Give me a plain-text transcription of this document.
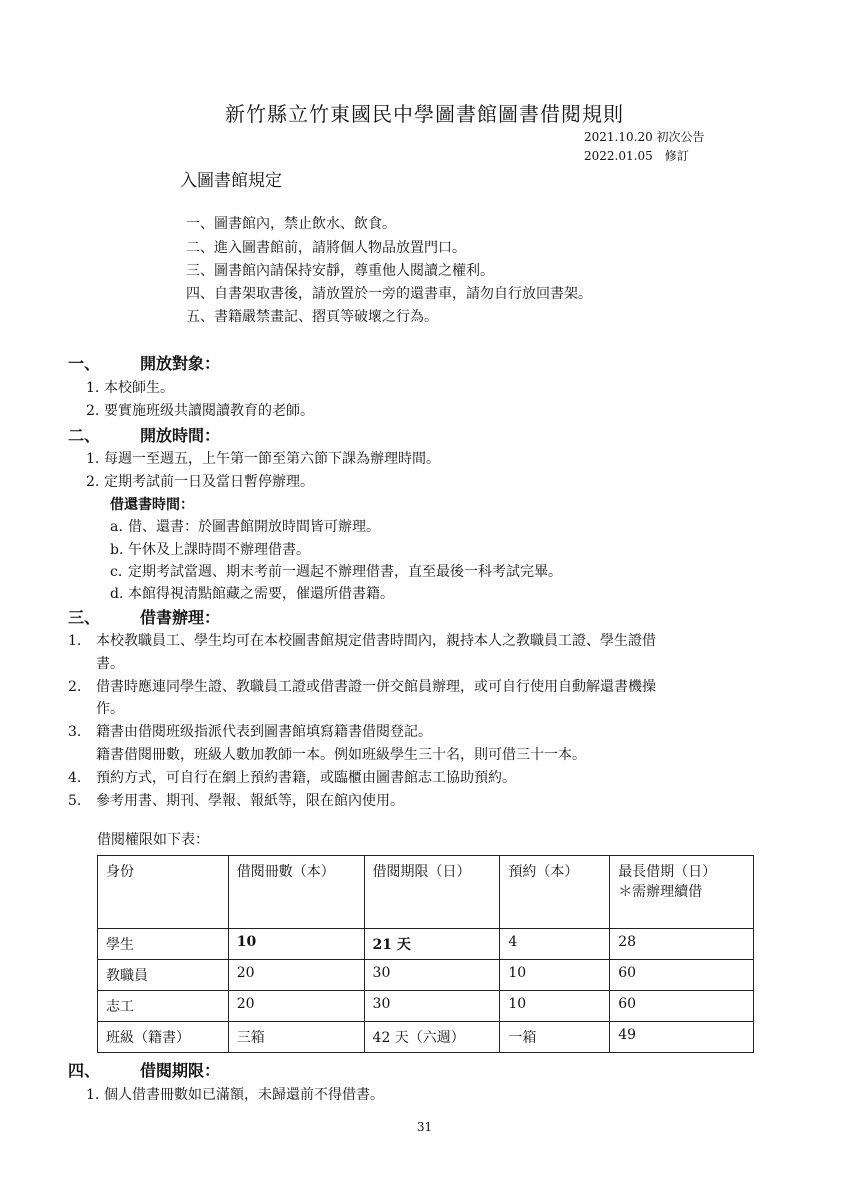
新竹縣立竹東國民中學圖書館圖書借閱規則
2021.10.20 初次公告
2022.01.05　修訂
入圖書館規定
一、圖書館內，禁止飲水、飲食。
二、進入圖書館前，請將個人物品放置門口。
三、圖書館內請保持安靜，尊重他人閱讀之權利。
四、自書架取書後，請放置於一旁的還書車，請勿自行放回書架。
五、書籍嚴禁畫記、摺頁等破壞之行為。
一、 開放對象：
1. 本校師生。
2. 要實施班级共讀閱讀教育的老師。
二、 開放時間：
1. 每週一至週五，上午第一節至第六節下課為辦理時間。
2. 定期考試前一日及當日暫停辦理。
借還書時間：
a. 借、還書：於圖書館開放時間皆可辦理。
b. 午休及上課時間不辦理借書。
c. 定期考試當週、期末考前一週起不辦理借書，直至最後一科考試完畢。
d. 本館得視清點館藏之需要，催還所借書籍。
三、 借書辦理：
1. 本校教職員工、學生均可在本校圖書館規定借書時間內，親持本人之教職員工證、學生證借
書。
2. 借書時應連同學生證、教職員工證或借書證一併交館員辦理，或可自行使用自動解還書機操
作。
3. 籍書由借閱班级指派代表到圖書館填寫籍書借閱登記。
籍書借閱冊數，班級人數加教師一本。例如班級學生三十名，則可借三十一本。
4. 預約方式，可自行在網上預約書籍，或臨櫃由圖書館志工協助預約。
5. 參考用書、期刊、學報、報紙等，限在館內使用。
借閱權限如下表：
身份	借閱冊數（本）	借閱期限（日）	預約（本）	最長借期（日）
＊需辦理續借

學生	10	21 天	4	28
教職員	20	30	10	60
志工	20	30	10	60
班級（籍書）	三箱	42 天（六週）	一箱	49
四、 借閱期限：
1. 個人借書冊數如已滿額，未歸還前不得借書。
31
